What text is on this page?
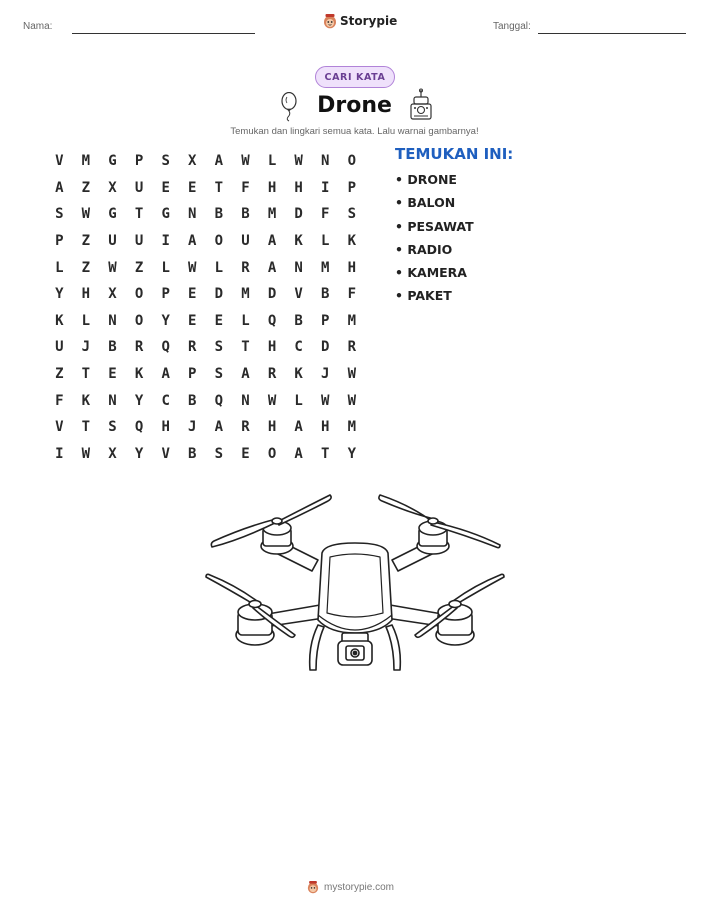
Nama:	Storypie	Tanggal:
CARI KATA
Drone
Temukan dan lingkari semua kata. Lalu warnai gambarnya!
V	M	G	P	S	X	A	W	L	W	N	O
A	Z	X	U	E	E	T	F	H	H	I	P
S	W	G	T	G	N	B	B	M	D	F	S
P	Z	U	U	I	A	O	U	A	K	L	K
L	Z	W	Z	L	W	L	R	A	N	M	H
Y	H	X	O	P	E	D	M	D	V	B	F
K	L	N	O	Y	E	E	L	Q	B	P	M
U	J	B	R	Q	R	S	T	H	C	D	R
Z	T	E	K	A	P	S	A	R	K	J	W
F	K	N	Y	C	B	Q	N	W	L	W	W
V	T	S	Q	H	J	A	R	H	A	H	M
I	W	X	Y	V	B	S	E	O	A	T	Y
TEMUKAN INI:
• DRONE
• BALON
• PESAWAT
• RADIO
• KAMERA
• PAKET
mystorypie.com
